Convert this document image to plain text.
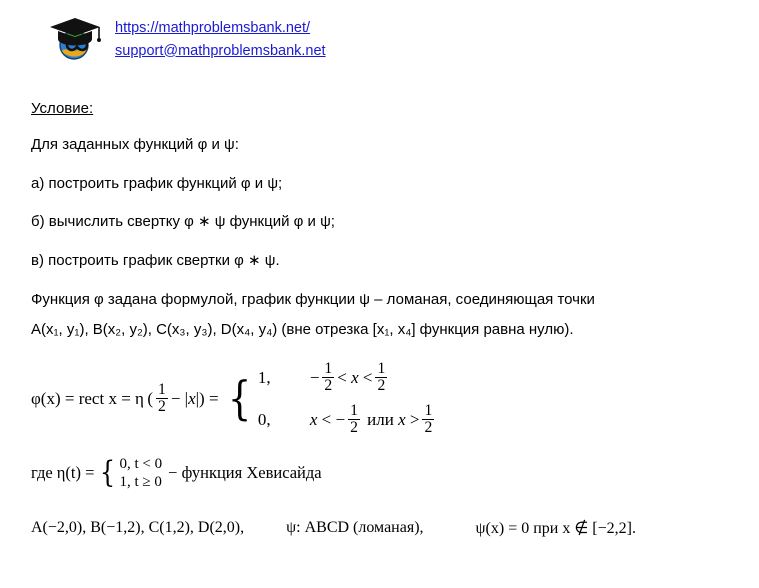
https://mathproblemsbank.net/
support@mathproblemsbank.net
Условие:
Для заданных функций φ и ψ:
а) построить график функций φ и ψ;
б) вычислить свертку φ ∗ ψ функций φ и ψ;
в) построить график свертки φ ∗ ψ.
Функция φ задана формулой, график функции ψ – ломаная, соединяющая точки
A(x₁, y₁), B(x₂, y₂), C(x₃, y₃), D(x₄, y₄) (вне отрезка [x₁, x₄] функция равна нулю).
φ(x) = rect x = η  ( $\frac{1}{2} - |x|$ ) = { 1,	− $\frac{1}{2} < x < \frac{1}{2}$
0,	x < − $\frac{1}{2}$ или $x > \frac{1}{2}$
где η(t) = { 0, t < 0
1, t ≥ 0 − функция Хевисайда
A(−2,0), B(−1,2), C(1,2), D(2,0),	ψ: ABCD (ломаная),	ψ(x) = 0 при x ∉ [−2,2].
